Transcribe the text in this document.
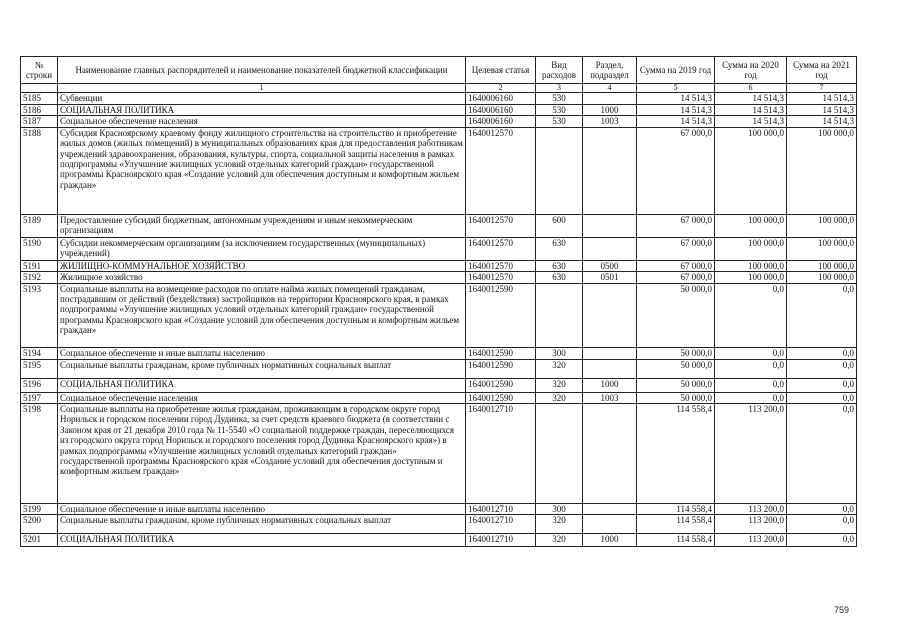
№ строки	Наименование главных распорядителей и наименование показателей бюджетной классификации	Целевая статья	Вид расходов	Раздел, подраздел	Сумма на 2019 год	Сумма на 2020 год	Сумма на 2021 год
	1	2	3	4	5	6	7
5185	Субвенции	1640006160	530		14 514,3	14 514,3	14 514,3
5186	СОЦИАЛЬНАЯ ПОЛИТИКА	1640006160	530	1000	14 514,3	14 514,3	14 514,3
5187	Социальное обеспечение населения	1640006160	530	1003	14 514,3	14 514,3	14 514,3
5188	Субсидия Красноярскому краевому фонду жилищного строительства на строительство и приобретение жилых домов (жилых помещений) в муниципальных образованиях края для предоставления работникам учреждений здравоохранения, образования, культуры, спорта, социальной защиты населения в рамках подпрограммы «Улучшение жилищных условий отдельных категорий граждан» государственной программы Красноярского края «Создание условий для обеспечения доступным и комфортным жильем граждан»	1640012570			67 000,0	100 000,0	100 000,0
5189	Предоставление субсидий бюджетным, автономным учреждениям и иным некоммерческим организациям	1640012570	600		67 000,0	100 000,0	100 000,0
5190	Субсидии некоммерческим организациям (за исключением государственных (муниципальных) учреждений)	1640012570	630		67 000,0	100 000,0	100 000,0
5191	ЖИЛИЩНО-КОММУНАЛЬНОЕ ХОЗЯЙСТВО	1640012570	630	0500	67 000,0	100 000,0	100 000,0
5192	Жилищное хозяйство	1640012570	630	0501	67 000,0	100 000,0	100 000,0
5193	Социальные выплаты на возмещение расходов по оплате найма жилых помещений гражданам, пострадавшим от действий (бездействия) застройщиков на территории Красноярского края, в рамках подпрограммы «Улучшение жилищных условий отдельных категорий граждан» государственной программы Красноярского края «Создание условий для обеспечения доступным и комфортным жильем граждан»	1640012590			50 000,0	0,0	0,0
5194	Социальное обеспечение и иные выплаты населению	1640012590	300		50 000,0	0,0	0,0
5195	Социальные выплаты гражданам, кроме публичных нормативных социальных выплат	1640012590	320		50 000,0	0,0	0,0
5196	СОЦИАЛЬНАЯ ПОЛИТИКА	1640012590	320	1000	50 000,0	0,0	0,0
5197	Социальное обеспечение населения	1640012590	320	1003	50 000,0	0,0	0,0
5198	Социальные выплаты на приобретение жилья гражданам, проживающим в городском округе город Норильск и городском поселении город Дудинка, за счет средств краевого бюджета (в соответствии с Законом края от 21 декабря 2010 года № 11-5540 «О социальной поддержке граждан, переселяющихся из городского округа город Норильск и городского поселения город Дудинка Красноярского края») в рамках подпрограммы «Улучшение жилищных условий отдельных категорий граждан» государственной программы Красноярского края «Создание условий для обеспечения доступным и комфортным жильем граждан»	1640012710			114 558,4	113 200,0	0,0
5199	Социальное обеспечение и иные выплаты населению	1640012710	300		114 558,4	113 200,0	0,0
5200	Социальные выплаты гражданам, кроме публичных нормативных социальных выплат	1640012710	320		114 558,4	113 200,0	0,0
5201	СОЦИАЛЬНАЯ ПОЛИТИКА	1640012710	320	1000	114 558,4	113 200,0	0,0
759
